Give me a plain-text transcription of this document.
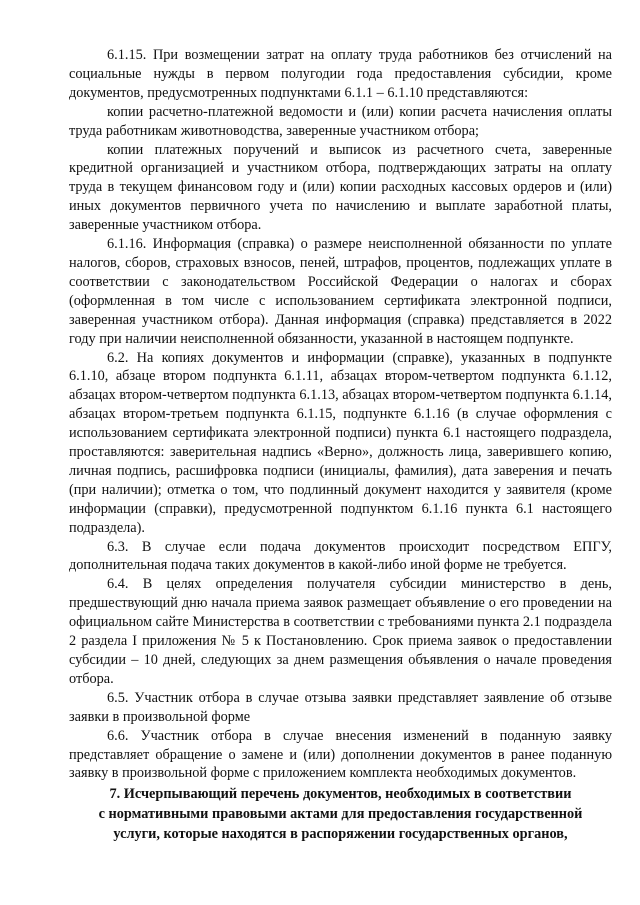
6.1.15. При возмещении затрат на оплату труда работников без отчислений на социальные нужды в первом полугодии года предоставления субсидии, кроме документов, предусмотренных подпунктами 6.1.1 – 6.1.10 представляются:

копии расчетно-платежной ведомости и (или) копии расчета начисления оплаты труда работникам животноводства, заверенные участником отбора;

копии платежных поручений и выписок из расчетного счета, заверенные кредитной организацией и участником отбора, подтверждающих затраты на оплату труда в текущем финансовом году и (или) копии расходных кассовых ордеров и (или) иных документов первичного учета по начислению и выплате заработной платы, заверенные участником отбора.

6.1.16. Информация (справка) о размере неисполненной обязанности по уплате налогов, сборов, страховых взносов, пеней, штрафов, процентов, подлежащих уплате в соответствии с законодательством Российской Федерации о налогах и сборах (оформленная в том числе с использованием сертификата электронной подписи, заверенная участником отбора). Данная информация (справка) представляется в 2022 году при наличии неисполненной обязанности, указанной в настоящем подпункте.

6.2. На копиях документов и информации (справке), указанных в подпункте 6.1.10, абзаце втором подпункта 6.1.11, абзацах втором-четвертом подпункта 6.1.12, абзацах втором-четвертом подпункта 6.1.13, абзацах втором-четвертом подпункта 6.1.14, абзацах втором-третьем подпункта 6.1.15, подпункте 6.1.16 (в случае оформления с использованием сертификата электронной подписи) пункта 6.1 настоящего подраздела, проставляются: заверительная надпись «Верно», должность лица, заверившего копию, личная подпись, расшифровка подписи (инициалы, фамилия), дата заверения и печать (при наличии); отметка о том, что подлинный документ находится у заявителя (кроме информации (справки), предусмотренной подпунктом 6.1.16 пункта 6.1 настоящего подраздела).

6.3. В случае если подача документов происходит посредством ЕПГУ, дополнительная подача таких документов в какой-либо иной форме не требуется.

6.4. В целях определения получателя субсидии министерство в день, предшествующий дню начала приема заявок размещает объявление о его проведении на официальном сайте Министерства в соответствии с требованиями пункта 2.1 подраздела 2 раздела I приложения № 5 к Постановлению. Срок приема заявок о предоставлении субсидии – 10 дней, следующих за днем размещения объявления о начале проведения отбора.

6.5. Участник отбора в случае отзыва заявки представляет заявление об отзыве заявки в произвольной форме

6.6. Участник отбора в случае внесения изменений в поданную заявку представляет обращение о замене и (или) дополнении документов в ранее поданную заявку в произвольной форме с приложением комплекта необходимых документов.

7. Исчерпывающий перечень документов, необходимых в соответствии
с нормативными правовыми актами для предоставления государственной
услуги, которые находятся в распоряжении государственных органов,
